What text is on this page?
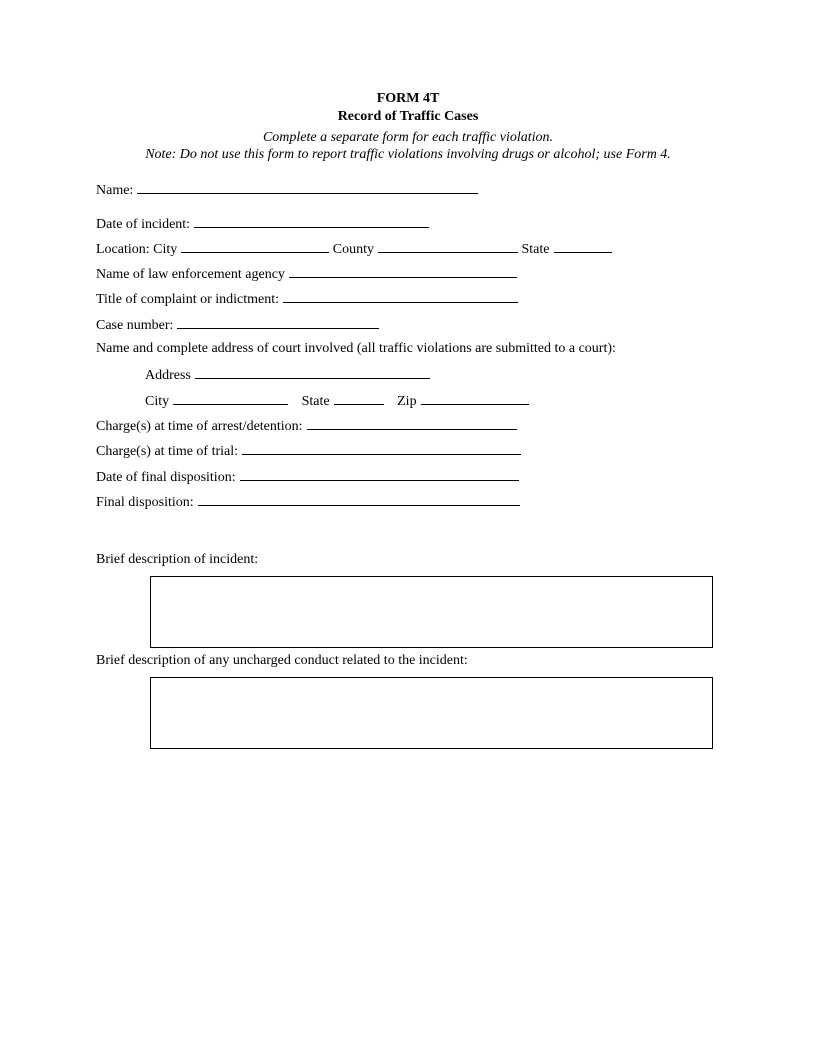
FORM 4T
Record of Traffic Cases
Complete a separate form for each traffic violation.
Note: Do not use this form to report traffic violations involving drugs or alcohol; use Form 4.
Name:
Date of incident:
Location: City	County	State
Name of law enforcement agency
Title of complaint or indictment:
Case number:
Name and complete address of court involved (all traffic violations are submitted to a court):
Address
City	State	Zip
Charge(s) at time of arrest/detention:
Charge(s) at time of trial:
Date of final disposition:
Final disposition:
Brief description of incident:
Brief description of any uncharged conduct related to the incident:
